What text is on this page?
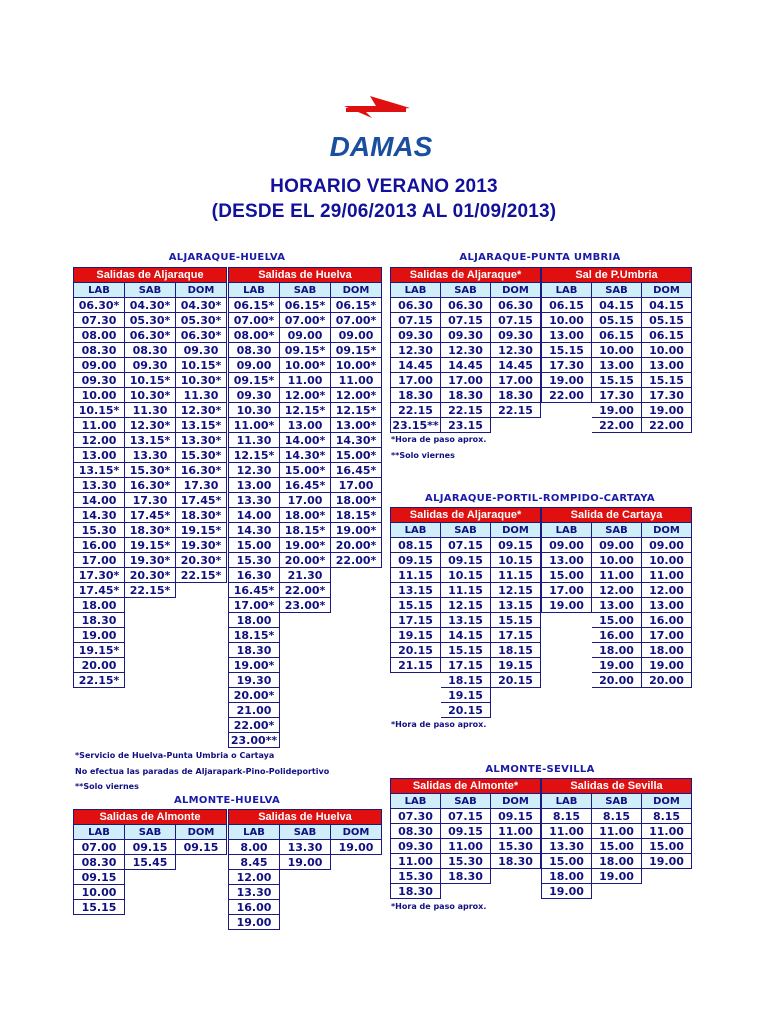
DAMAS
HORARIO VERANO 2013
(DESDE EL 29/06/2013 AL 01/09/2013)
ALJARAQUE-HUELVA	ALJARAQUE-PUNTA UMBRIA
ALJARAQUE-PORTIL-ROMPIDO-CARTAYA
ALMONTE-SEVILLA
ALMONTE-HUELVA
Salidas de Aljaraque		
LAB	SAB	DOM
06.30*	04.30*	04.30*
07.30	05.30*	05.30*
08.00	06.30*	06.30*
08.30	08.30	09.30
09.00	09.30	10.15*
09.30	10.15*	10.30*
10.00	10.30*	11.30
10.15*	11.30	12.30*
11.00	12.30*	13.15*
12.00	13.15*	13.30*
13.00	13.30	15.30*
13.15*	15.30*	16.30*
13.30	16.30*	17.30
14.00	17.30	17.45*
14.30	17.45*	18.30*
15.30	18.30*	19.15*
16.00	19.15*	19.30*
17.00	19.30*	20.30*
17.30*	20.30*	22.15*
17.45*	22.15*	
18.00		
18.30		
19.00		
19.15*		
20.00		
22.15*		
Salidas de Huelva		
LAB	SAB	DOM
06.15*	06.15*	06.15*
07.00*	07.00*	07.00*
08.00*	09.00	09.00
08.30	09.15*	09.15*
09.00	10.00*	10.00*
09.15*	11.00	11.00
09.30	12.00*	12.00*
10.30	12.15*	12.15*
11.00*	13.00	13.00*
11.30	14.00*	14.30*
12.15*	14.30*	15.00*
12.30	15.00*	16.45*
13.00	16.45*	17.00
13.30	17.00	18.00*
14.00	18.00*	18.15*
14.30	18.15*	19.00*
15.00	19.00*	20.00*
15.30	20.00*	22.00*
16.30	21.30	
16.45*	22.00*	
17.00*	23.00*	
18.00		
18.15*		
18.30		
19.00*		
19.30		
20.00*		
21.00		
22.00*		
23.00**		
Salidas de Aljaraque*		
LAB	SAB	DOM
06.30	06.30	06.30
07.15	07.15	07.15
09.30	09.30	09.30
12.30	12.30	12.30
14.45	14.45	14.45
17.00	17.00	17.00
18.30	18.30	18.30
22.15	22.15	22.15
23.15**	23.15	
Sal de P.Umbria		
LAB	SAB	DOM
06.15	04.15	04.15
10.00	05.15	05.15
13.00	06.15	06.15
15.15	10.00	10.00
17.30	13.00	13.00
19.00	15.15	15.15
22.00	17.30	17.30
	19.00	19.00
	22.00	22.00
Salidas de Aljaraque*		
LAB	SAB	DOM
08.15	07.15	09.15
09.15	09.15	10.15
11.15	10.15	11.15
13.15	11.15	12.15
15.15	12.15	13.15
17.15	13.15	15.15
19.15	14.15	17.15
20.15	15.15	18.15
21.15	17.15	19.15
	18.15	20.15
	19.15	
	20.15	
Salida de Cartaya		
LAB	SAB	DOM
09.00	09.00	09.00
13.00	10.00	10.00
15.00	11.00	11.00
17.00	12.00	12.00
19.00	13.00	13.00
	15.00	16.00
	16.00	17.00
	18.00	18.00
	19.00	19.00
	20.00	20.00
Salidas de Almonte*		
LAB	SAB	DOM
07.30	07.15	09.15
08.30	09.15	11.00
09.30	11.00	15.30
11.00	15.30	18.30
15.30	18.30	
18.30		
Salidas de Sevilla		
LAB	SAB	DOM
8.15	8.15	8.15
11.00	11.00	11.00
13.30	15.00	15.00
15.00	18.00	19.00
18.00	19.00	
19.00		
Salidas de Almonte		
LAB	SAB	DOM
07.00	09.15	09.15
08.30	15.45	
09.15		
10.00		
15.15		
Salidas de Huelva		
LAB	SAB	DOM
8.00	13.30	19.00
8.45	19.00	
12.00		
13.30		
16.00		
19.00		
*Servicio de Huelva-Punta Umbria o Cartaya
No efectua las paradas de Aljarapark-Pino-Polideportivo
**Solo viernes
*Hora de paso aprox.
**Solo viernes
*Hora de paso aprox.
*Hora de paso aprox.
